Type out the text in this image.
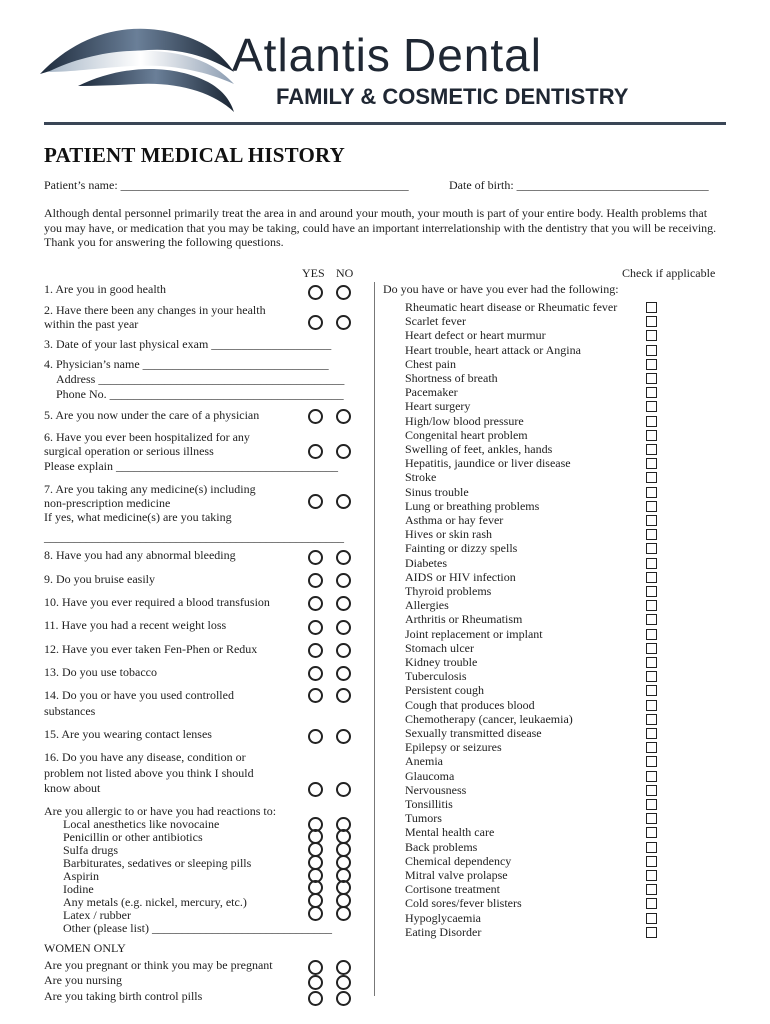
Atlantis Dental
FAMILY & COSMETIC DENTISTRY
PATIENT MEDICAL HISTORY
Patient’s name: ________________________________________________	Date of birth: ________________________________
Although dental personnel primarily treat the area in and around your mouth, your mouth is part of your entire body. Health problems that you may have, or medication that you may be taking, could have an important interrelationship with the dentistry that you will be receiving. Thank you for answering the following questions.
YES NO	Check if applicable
Do you have or have you ever had the following:
1. Are you in good health
2. Have there been any changes in your health
within the past year
3. Date of your last physical exam ____________________
4. Physician’s name _______________________________
Address _________________________________________
Phone No. _______________________________________
5. Are you now under the care of a physician
6. Have you ever been hospitalized for any
surgical operation or serious illness
Please explain _____________________________________
7. Are you taking any medicine(s) including
non-prescription medicine
If yes, what medicine(s) are you taking
__________________________________________________
8. Have you had any abnormal bleeding
9. Do you bruise easily
10. Have you ever required a blood transfusion
11. Have you had a recent weight loss
12. Have you ever taken Fen-Phen or Redux
13. Do you use tobacco
14. Do you or have you used controlled
substances
15. Are you wearing contact lenses
16. Do you have any disease, condition or
problem not listed above you think I should
know about
Are you allergic to or have you had reactions to:
Local anesthetics like novocaine
Penicillin or other antibiotics
Sulfa drugs
Barbiturates, sedatives or sleeping pills
Aspirin
Iodine
Any metals (e.g. nickel, mercury, etc.)
Latex / rubber
Other (please list) ______________________________
WOMEN ONLY
Are you pregnant or think you may be pregnant
Are you nursing
Are you taking birth control pills
Rheumatic heart disease or Rheumatic fever
Scarlet fever
Heart defect or heart murmur
Heart trouble, heart attack or Angina
Chest pain
Shortness of breath
Pacemaker
Heart surgery
High/low blood pressure
Congenital heart problem
Swelling of feet, ankles, hands
Hepatitis, jaundice or liver disease
Stroke
Sinus trouble
Lung or breathing problems
Asthma or hay fever
Hives or skin rash
Fainting or dizzy spells
Diabetes
AIDS or HIV infection
Thyroid problems
Allergies
Arthritis or Rheumatism
Joint replacement or implant
Stomach ulcer
Kidney trouble
Tuberculosis
Persistent cough
Cough that produces blood
Chemotherapy (cancer, leukaemia)
Sexually transmitted disease
Epilepsy or seizures
Anemia
Glaucoma
Nervousness
Tonsillitis
Tumors
Mental health care
Back problems
Chemical dependency
Mitral valve prolapse
Cortisone treatment
Cold sores/fever blisters
Hypoglycaemia
Eating Disorder
